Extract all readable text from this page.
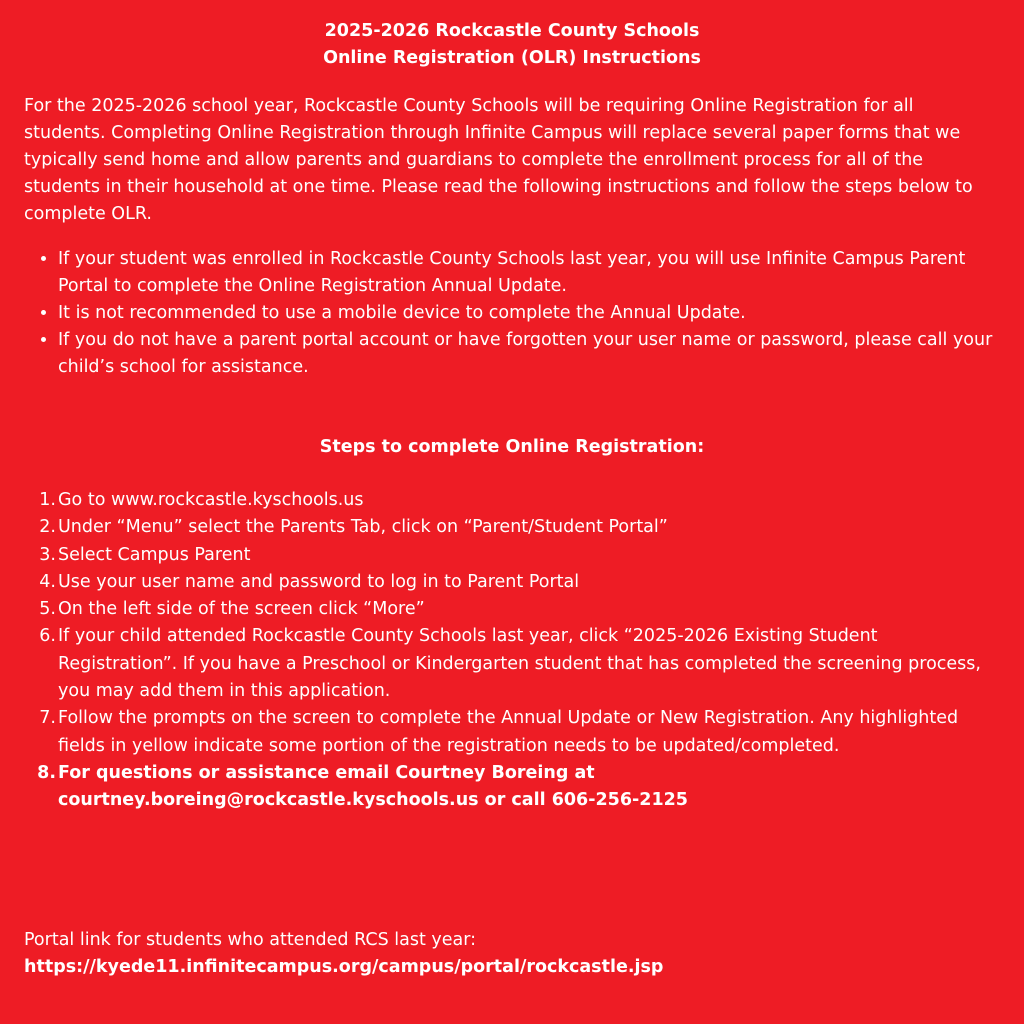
2025-2026 Rockcastle County Schools
Online Registration (OLR) Instructions

For the 2025-2026 school year, Rockcastle County Schools will be requiring Online Registration for all students. Completing Online Registration through Infinite Campus will replace several paper forms that we typically send home and allow parents and guardians to complete the enrollment process for all of the students in their household at one time. Please read the following instructions and follow the steps below to complete OLR.

• If your student was enrolled in Rockcastle County Schools last year, you will use Infinite Campus Parent Portal to complete the Online Registration Annual Update.
• It is not recommended to use a mobile device to complete the Annual Update.
• If you do not have a parent portal account or have forgotten your user name or password, please call your child’s school for assistance.
Steps to complete Online Registration:
Go to www.rockcastle.kyschools.us
Under “Menu” select the Parents Tab, click on “Parent/Student Portal”
Select Campus Parent
Use your user name and password to log in to Parent Portal
On the left side of the screen click “More”
If your child attended Rockcastle County Schools last year, click “2025-2026 Existing Student Registration”. If you have a Preschool or Kindergarten student that has completed the screening process, you may add them in this application.
Follow the prompts on the screen to complete the Annual Update or New Registration. Any highlighted fields in yellow indicate some portion of the registration needs to be updated/completed.
For questions or assistance email Courtney Boreing at courtney.boreing@rockcastle.kyschools.us or call 606-256-2125
Portal link for students who attended RCS last year:
https://kyede11.infinitecampus.org/campus/portal/rockcastle.jsp
